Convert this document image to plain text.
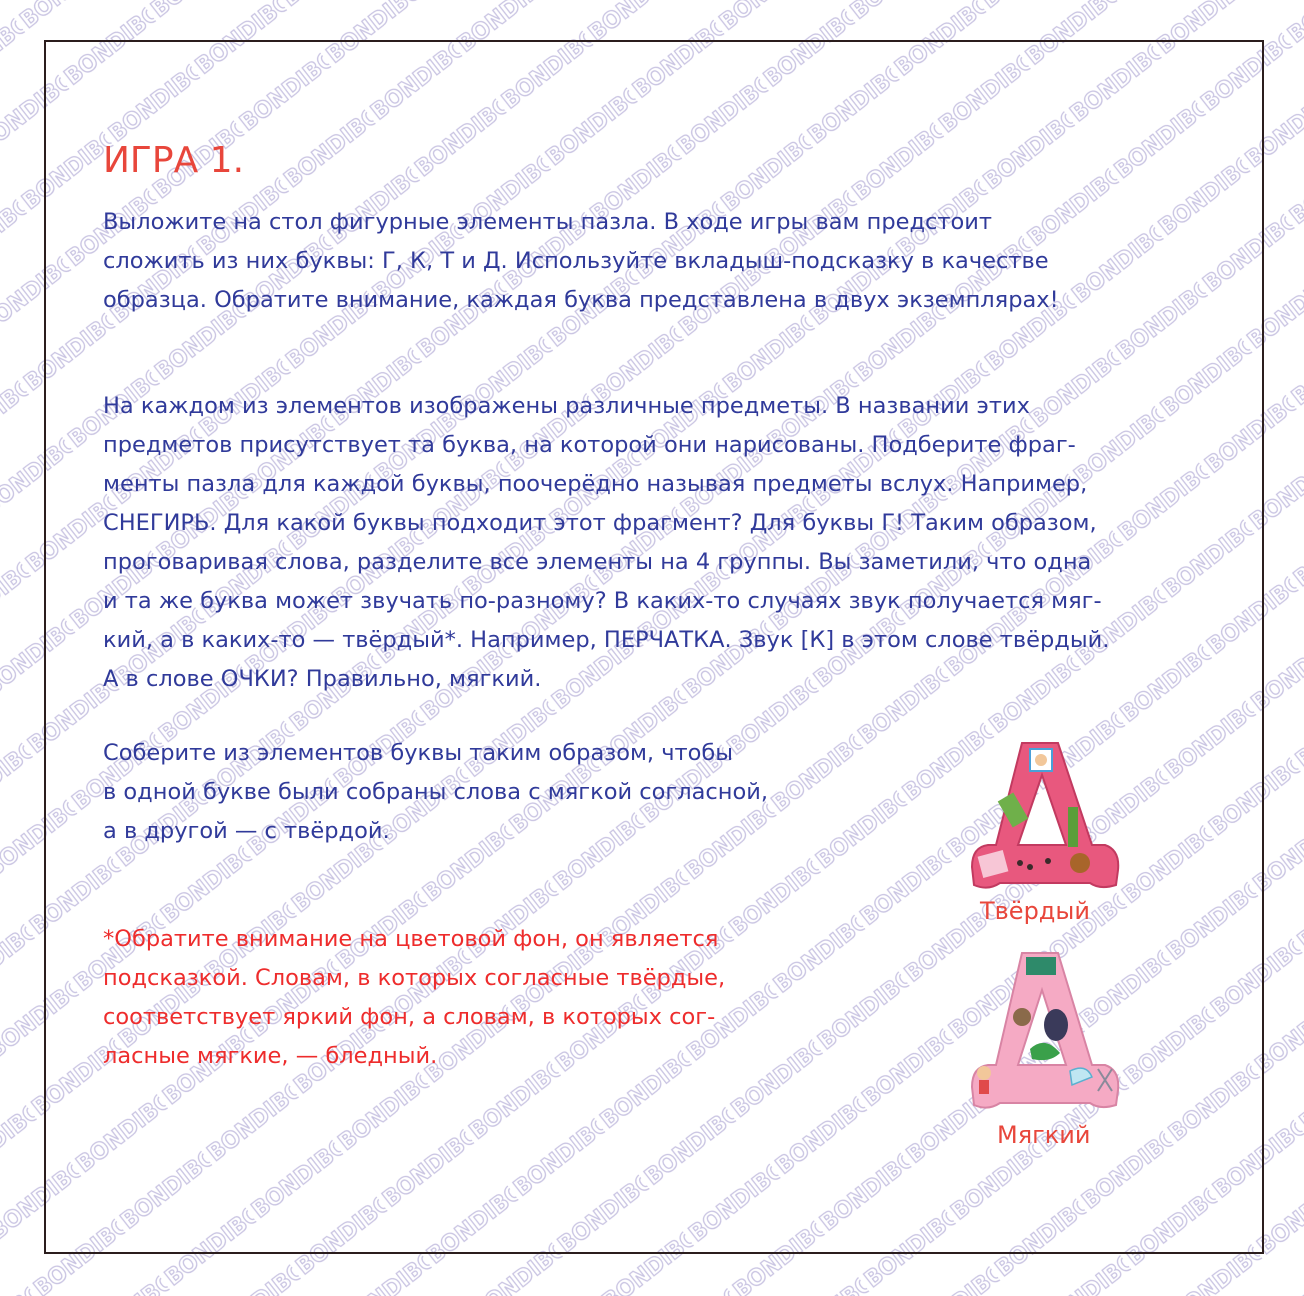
ИГРА 1.

Выложите на стол фигурные элементы пазла. В ходе игры вам предстоит
сложить из них буквы: Г, К, Т и Д. Используйте вкладыш-подсказку в качестве
образца. Обратите внимание, каждая буква представлена в двух экземплярах!

На каждом из элементов изображены различные предметы. В названии этих
предметов присутствует та буква, на которой они нарисованы. Подберите фраг-
менты пазла для каждой буквы, поочерёдно называя предметы вслух. Например,
СНЕГИРЬ. Для какой буквы подходит этот фрагмент? Для буквы Г! Таким образом,
проговаривая слова, разделите все элементы на 4 группы. Вы заметили, что одна
и та же буква может звучать по-разному? В каких-то случаях звук получается мяг-
кий, а в каких-то — твёрдый*. Например, ПЕРЧАТКА. Звук [К] в этом слове твёрдый.
А в слове ОЧКИ? Правильно, мягкий.

Соберите из элементов буквы таким образом, чтобы
в одной букве были собраны слова с мягкой согласной,
а в другой — с твёрдой.

*Обратите внимание на цветовой фон, он является
подсказкой. Словам, в которых согласные твёрдые,
соответствует яркий фон, а словам, в которых сог-
ласные мягкие, — бледный.

Твёрдый

Мягкий
